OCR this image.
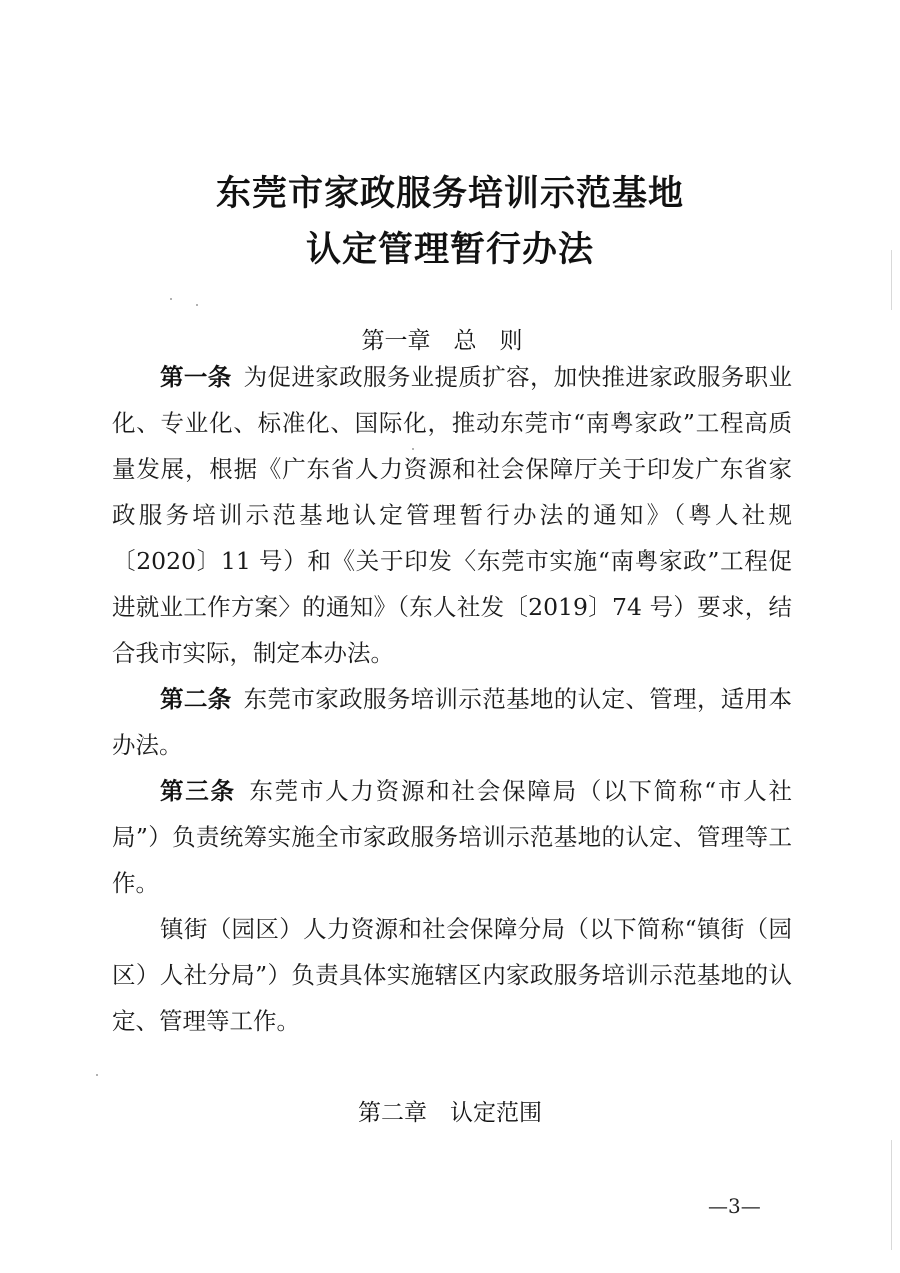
东莞市家政服务培训示范基地
认定管理暂行办法
第一章　总　则

第一条  为促进家政服务业提质扩容，加快推进家政服务职业化、专业化、标准化、国际化，推动东莞市“南粤家政”工程高质量发展，根据《广东省人力资源和社会保障厅关于印发广东省家政服务培训示范基地认定管理暂行办法的通知》（粤人社规〔2020〕11 号）和《关于印发〈东莞市实施“南粤家政”工程促进就业工作方案〉的通知》（东人社发〔2019〕74 号）要求，结合我市实际，制定本办法。

第二条  东莞市家政服务培训示范基地的认定、管理，适用本办法。

第三条  东莞市人力资源和社会保障局（以下简称“市人社局”）负责统筹实施全市家政服务培训示范基地的认定、管理等工作。

镇街（园区）人力资源和社会保障分局（以下简称“镇街（园区）人社分局”）负责具体实施辖区内家政服务培训示范基地的认定、管理等工作。

第二章　认定范围
—3—
